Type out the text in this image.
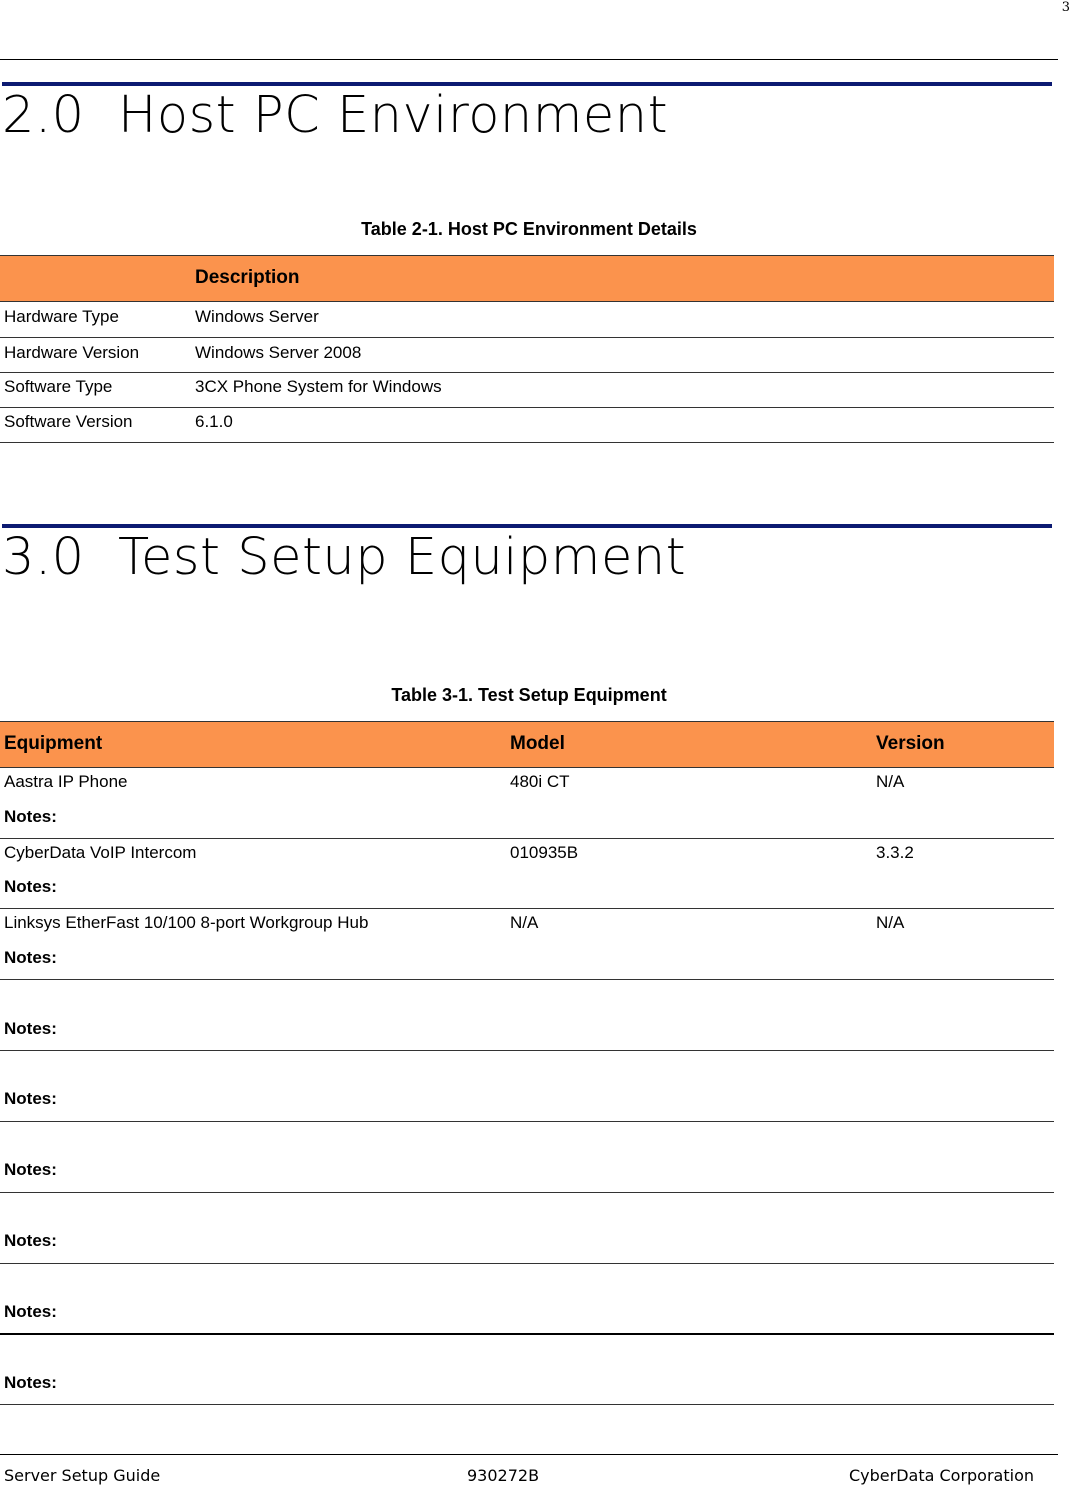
3
2.0 Host PC Environment
Table 2-1. Host PC Environment Details
Description
Hardware Type	Windows Server
Hardware Version	Windows Server 2008
Software Type	3CX Phone System for Windows
Software Version	6.1.0
3.0 Test Setup Equipment
Table 3-1. Test Setup Equipment
Equipment	Model	Version
Aastra IP Phone	480i CT	N/A
Notes:
CyberData VoIP Intercom	010935B	3.3.2
Notes:
Linksys EtherFast 10/100 8-port Workgroup Hub	N/A	N/A
Notes:
Notes:
Notes:
Notes:
Notes:
Notes:
Notes:
Server Setup Guide	930272B	CyberData Corporation
